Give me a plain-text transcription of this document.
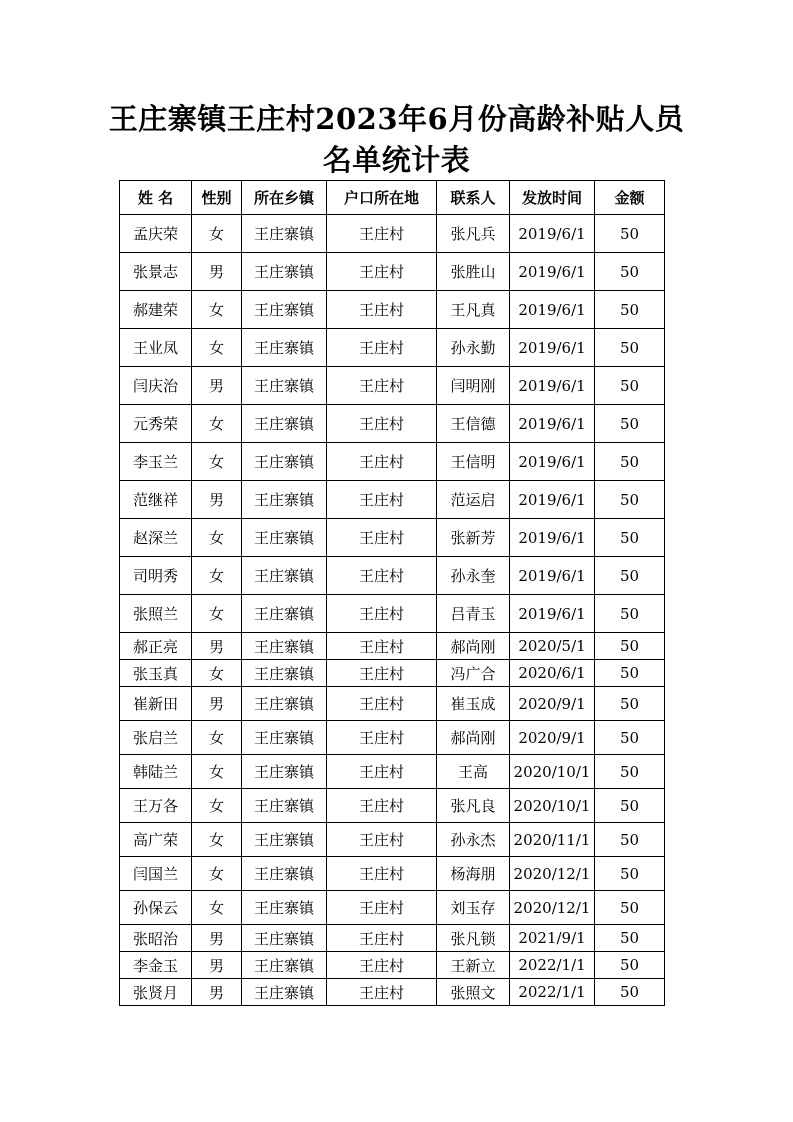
王庄寨镇王庄村2023年6月份高龄补贴人员
名单统计表
姓 名	性别	所在乡镇	户口所在地	联系人	发放时间	金额
孟庆荣	女	王庄寨镇	王庄村	张凡兵	2019/6/1	50
张景志	男	王庄寨镇	王庄村	张胜山	2019/6/1	50
郝建荣	女	王庄寨镇	王庄村	王凡真	2019/6/1	50
王业凤	女	王庄寨镇	王庄村	孙永勤	2019/6/1	50
闫庆治	男	王庄寨镇	王庄村	闫明刚	2019/6/1	50
元秀荣	女	王庄寨镇	王庄村	王信德	2019/6/1	50
李玉兰	女	王庄寨镇	王庄村	王信明	2019/6/1	50
范继祥	男	王庄寨镇	王庄村	范运启	2019/6/1	50
赵深兰	女	王庄寨镇	王庄村	张新芳	2019/6/1	50
司明秀	女	王庄寨镇	王庄村	孙永奎	2019/6/1	50
张照兰	女	王庄寨镇	王庄村	吕青玉	2019/6/1	50
郝正亮	男	王庄寨镇	王庄村	郝尚刚	2020/5/1	50
张玉真	女	王庄寨镇	王庄村	冯广合	2020/6/1	50
崔新田	男	王庄寨镇	王庄村	崔玉成	2020/9/1	50
张启兰	女	王庄寨镇	王庄村	郝尚刚	2020/9/1	50
韩陆兰	女	王庄寨镇	王庄村	王高	2020/10/1	50
王万各	女	王庄寨镇	王庄村	张凡良	2020/10/1	50
高广荣	女	王庄寨镇	王庄村	孙永杰	2020/11/1	50
闫国兰	女	王庄寨镇	王庄村	杨海朋	2020/12/1	50
孙保云	女	王庄寨镇	王庄村	刘玉存	2020/12/1	50
张昭治	男	王庄寨镇	王庄村	张凡锁	2021/9/1	50
李金玉	男	王庄寨镇	王庄村	王新立	2022/1/1	50
张贤月	男	王庄寨镇	王庄村	张照文	2022/1/1	50
